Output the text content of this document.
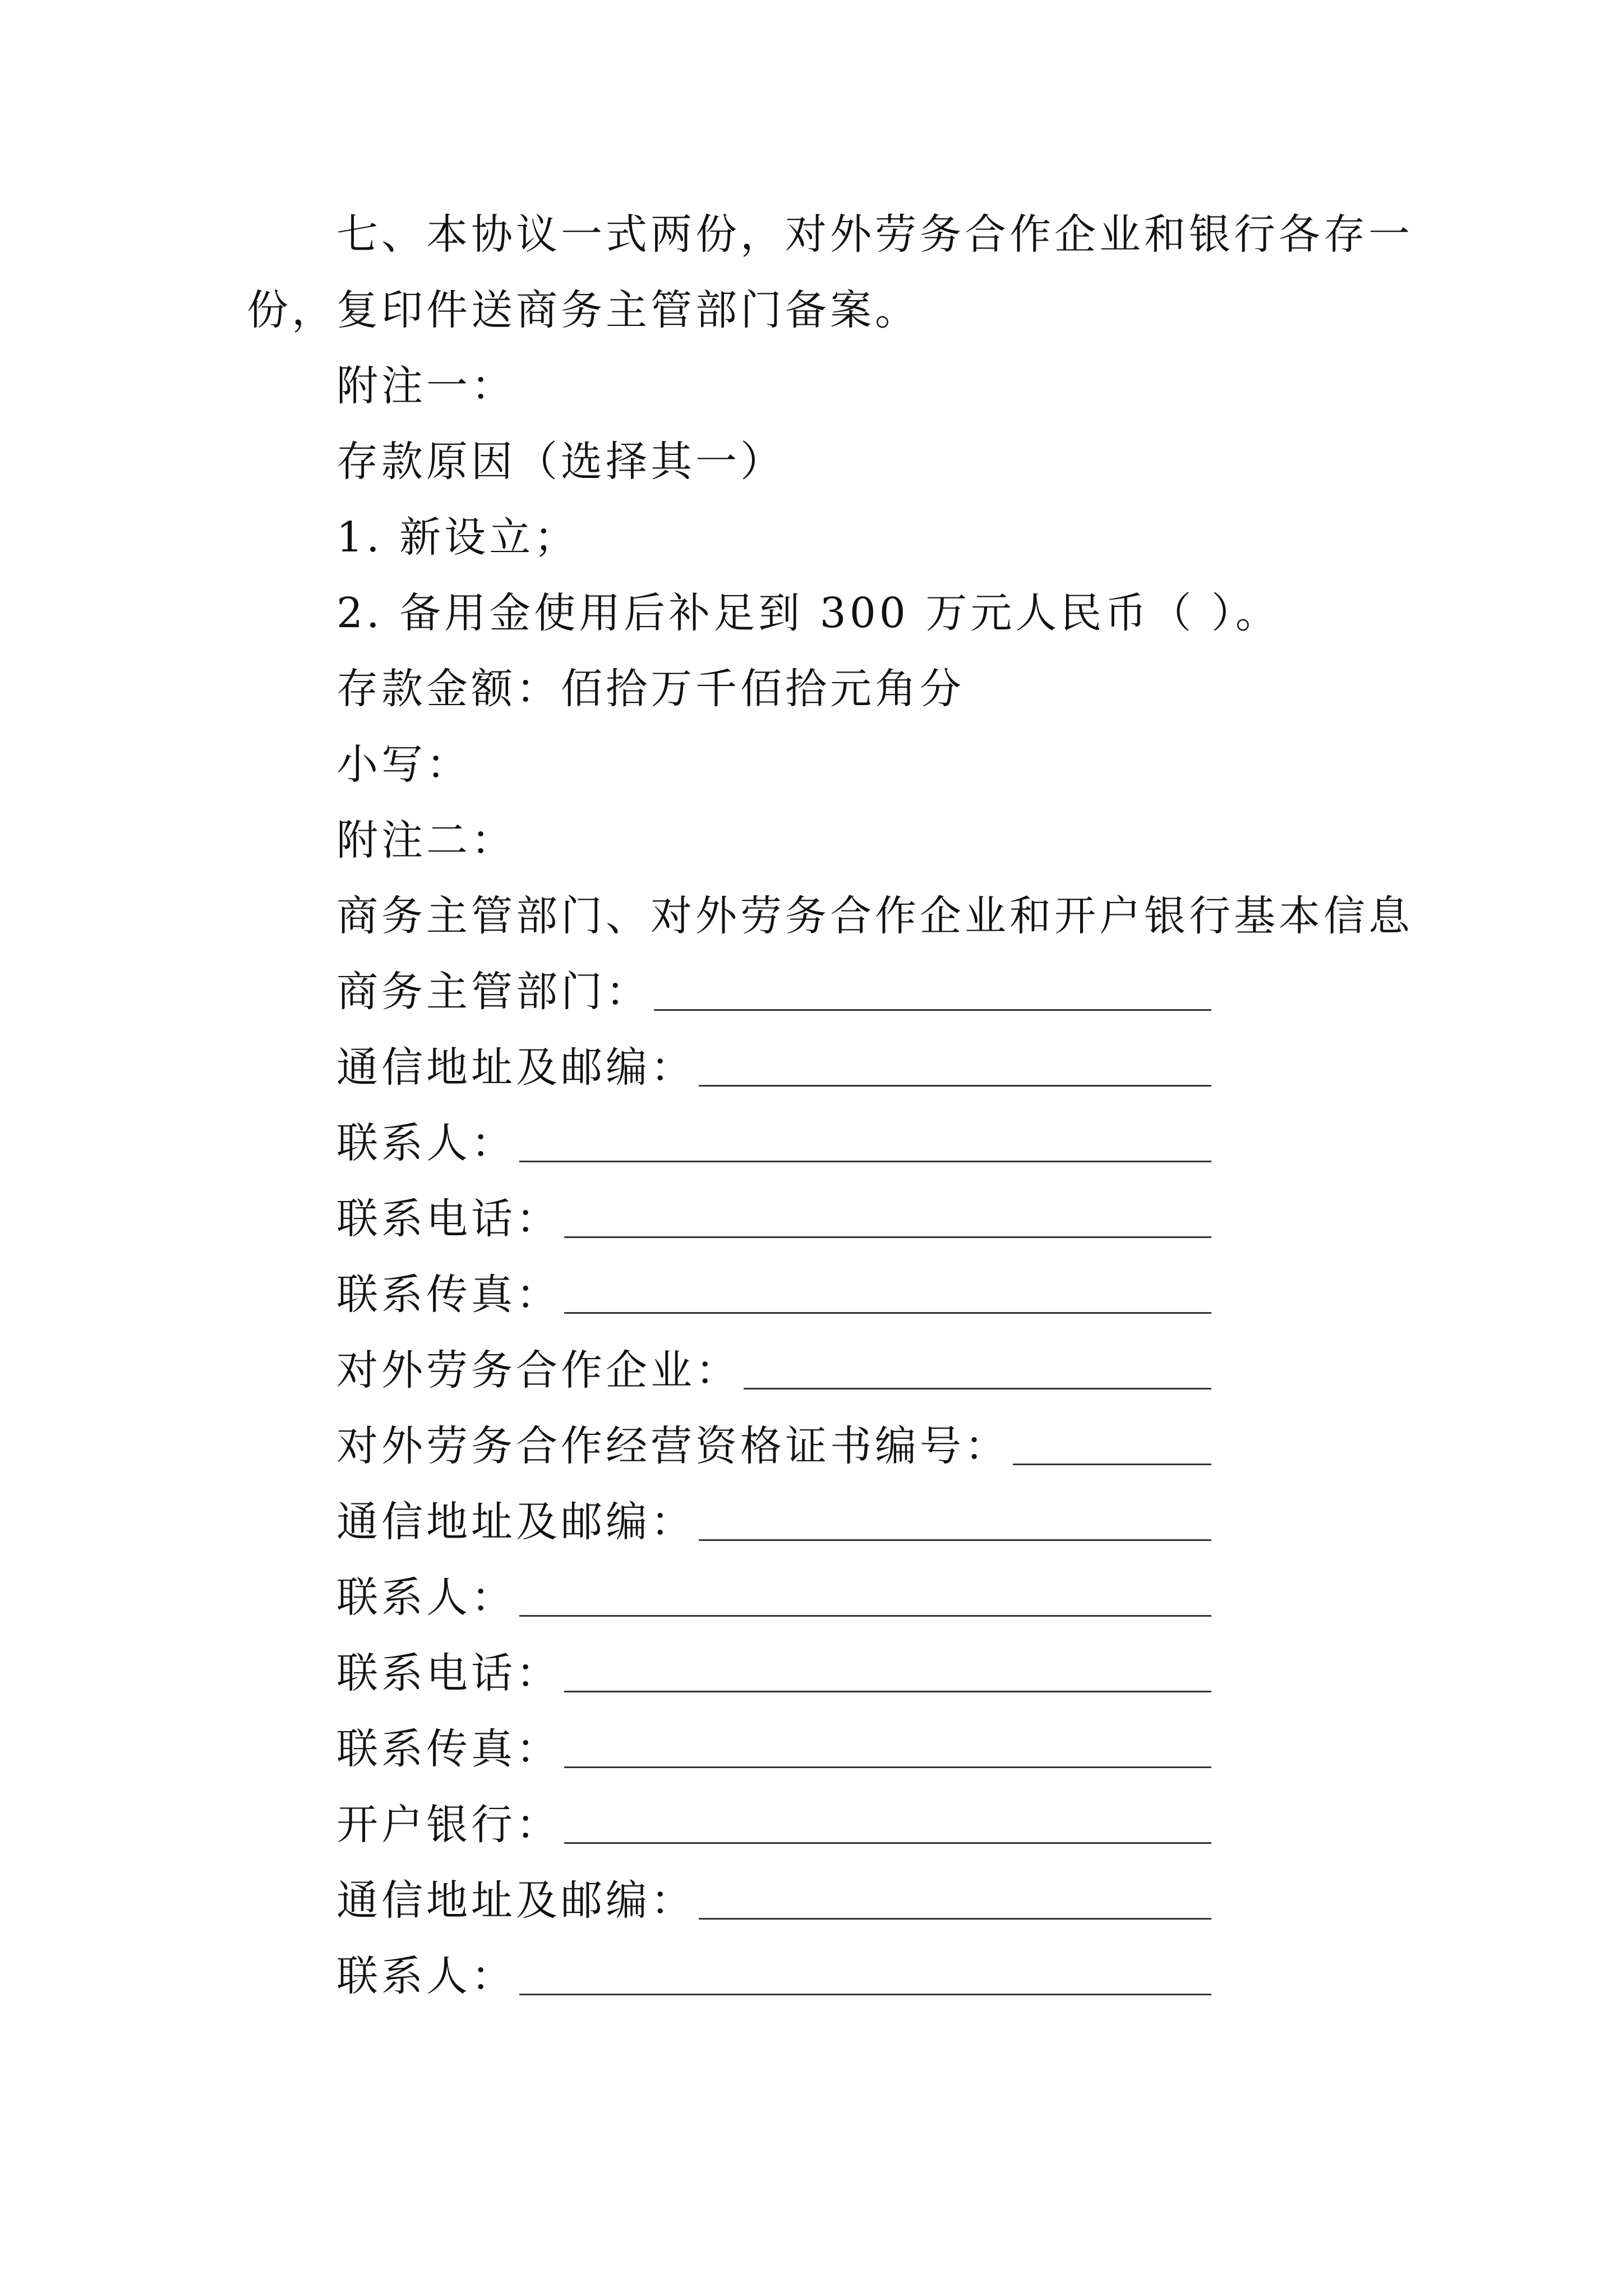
七、本协议一式两份，对外劳务合作企业和银行各存一
份，复印件送商务主管部门备案。
附注一：
存款原因（选择其一）
1. 新设立；
2. 备用金使用后补足到 300 万元人民币（ ）。
存款金额：佰拾万千佰拾元角分
小写：
附注二：
商务主管部门、对外劳务合作企业和开户银行基本信息
商务主管部门：
通信地址及邮编：
联系人：
联系电话：
联系传真：
对外劳务合作企业：
对外劳务合作经营资格证书编号：
通信地址及邮编：
联系人：
联系电话：
联系传真：
开户银行：
通信地址及邮编：
联系人：
